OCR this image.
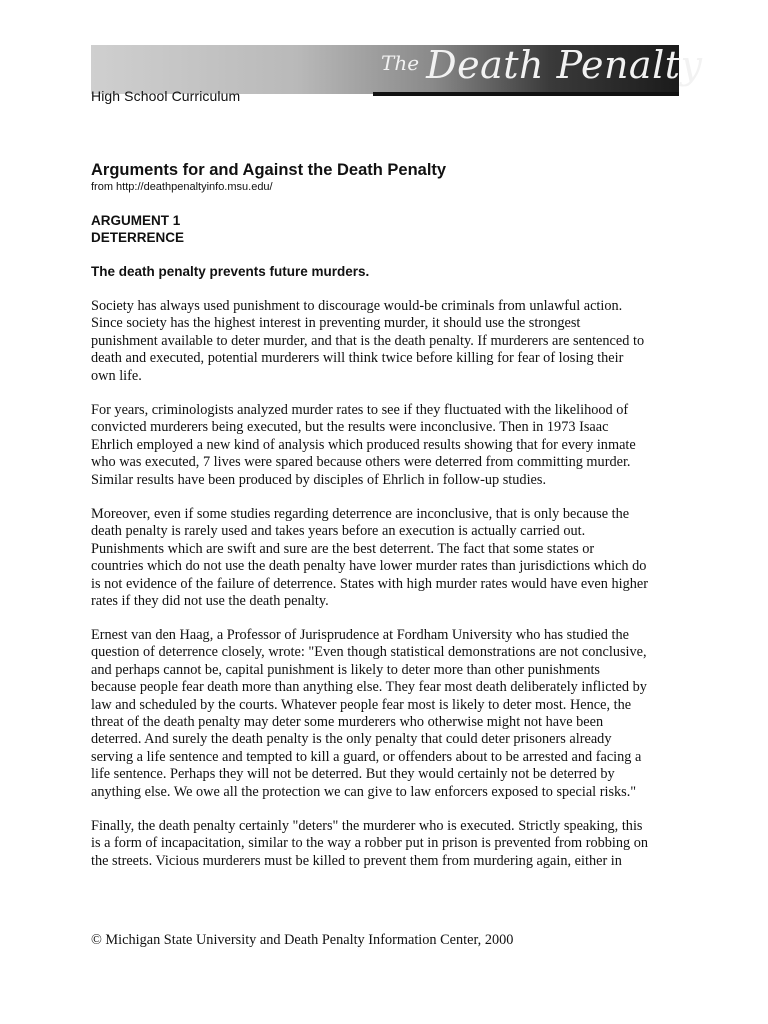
The Death Penalty
High School Curriculum
Arguments for and Against the Death Penalty
from http://deathpenaltyinfo.msu.edu/
ARGUMENT 1
DETERRENCE
The death penalty prevents future murders.

Society has always used punishment to discourage would-be criminals from unlawful action.
Since society has the highest interest in preventing murder, it should use the strongest
punishment available to deter murder, and that is the death penalty. If murderers are sentenced to
death and executed, potential murderers will think twice before killing for fear of losing their
own life.

For years, criminologists analyzed murder rates to see if they fluctuated with the likelihood of
convicted murderers being executed, but the results were inconclusive. Then in 1973 Isaac
Ehrlich employed a new kind of analysis which produced results showing that for every inmate
who was executed, 7 lives were spared because others were deterred from committing murder.
Similar results have been produced by disciples of Ehrlich in follow-up studies.

Moreover, even if some studies regarding deterrence are inconclusive, that is only because the
death penalty is rarely used and takes years before an execution is actually carried out.
Punishments which are swift and sure are the best deterrent. The fact that some states or
countries which do not use the death penalty have lower murder rates than jurisdictions which do
is not evidence of the failure of deterrence. States with high murder rates would have even higher
rates if they did not use the death penalty.

Ernest van den Haag, a Professor of Jurisprudence at Fordham University who has studied the
question of deterrence closely, wrote: "Even though statistical demonstrations are not conclusive,
and perhaps cannot be, capital punishment is likely to deter more than other punishments
because people fear death more than anything else. They fear most death deliberately inflicted by
law and scheduled by the courts. Whatever people fear most is likely to deter most. Hence, the
threat of the death penalty may deter some murderers who otherwise might not have been
deterred. And surely the death penalty is the only penalty that could deter prisoners already
serving a life sentence and tempted to kill a guard, or offenders about to be arrested and facing a
life sentence. Perhaps they will not be deterred. But they would certainly not be deterred by
anything else. We owe all the protection we can give to law enforcers exposed to special risks."

Finally, the death penalty certainly "deters" the murderer who is executed. Strictly speaking, this
is a form of incapacitation, similar to the way a robber put in prison is prevented from robbing on
the streets. Vicious murderers must be killed to prevent them from murdering again, either in

© Michigan State University and Death Penalty Information Center, 2000
